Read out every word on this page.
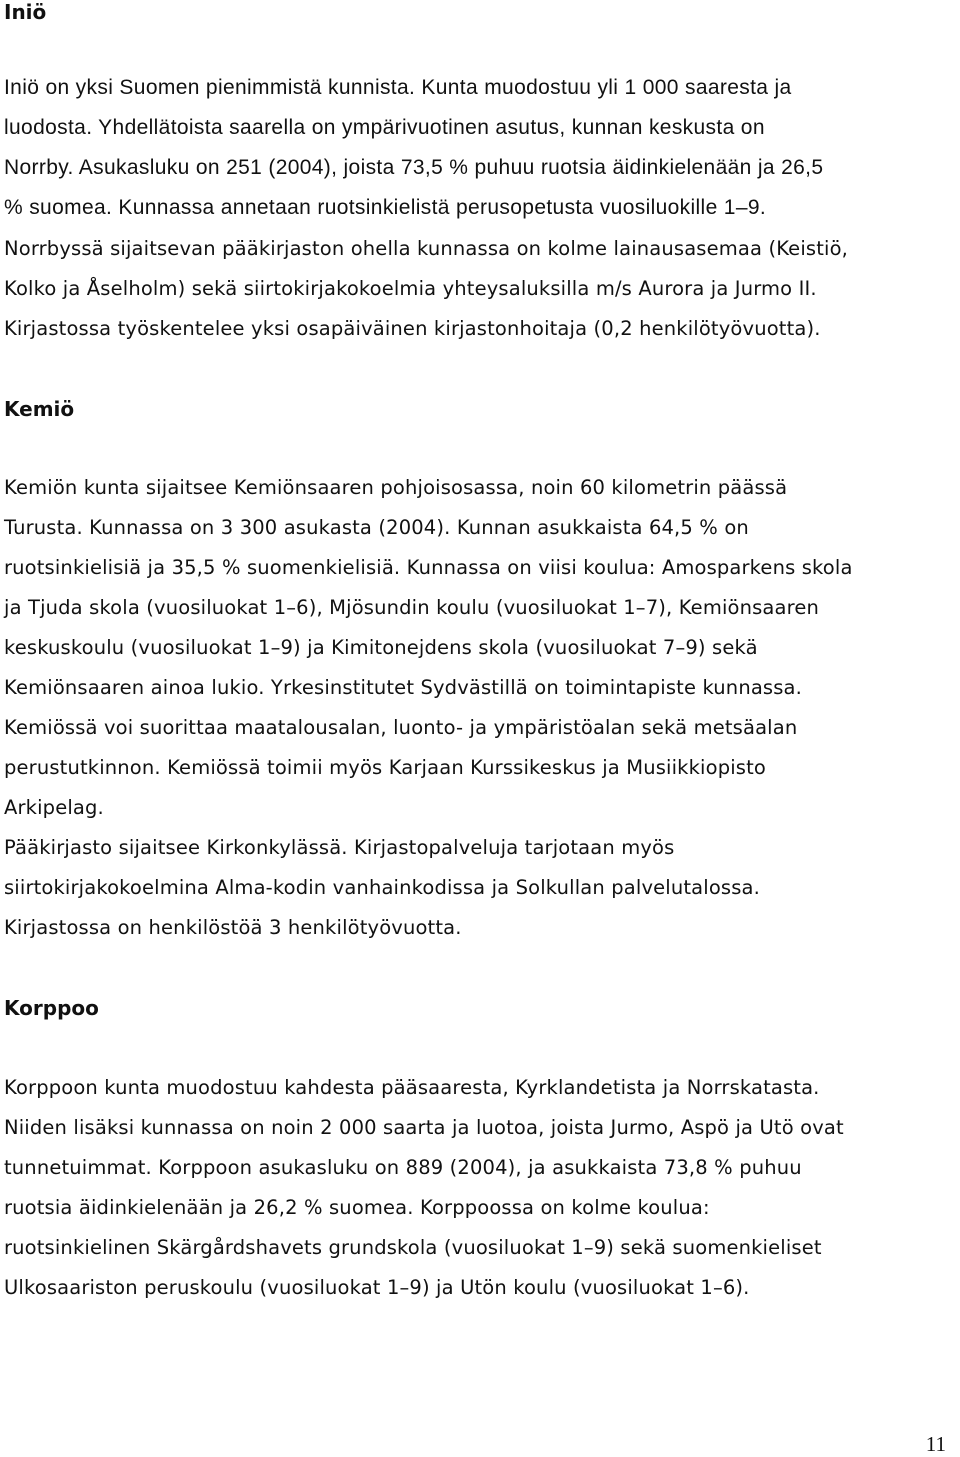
Iniö
Iniö on yksi Suomen pienimmistä kunnista. Kunta muodostuu yli 1 000 saaresta ja
luodosta. Yhdellätoista saarella on ympärivuotinen asutus, kunnan keskusta on
Norrby. Asukasluku on 251 (2004), joista 73,5 % puhuu ruotsia äidinkielenään ja 26,5
% suomea. Kunnassa annetaan ruotsinkielistä perusopetusta vuosiluokille 1–9.
Norrbyssä sijaitsevan pääkirjaston ohella kunnassa on kolme lainausasemaa (Keistiö,
Kolko ja Åselholm) sekä siirtokirjakokoelmia yhteysaluksilla m/s Aurora ja Jurmo II.
Kirjastossa työskentelee yksi osapäiväinen kirjastonhoitaja (0,2 henkilötyövuotta).
Kemiö
Kemiön kunta sijaitsee Kemiönsaaren pohjoisosassa, noin 60 kilometrin päässä
Turusta. Kunnassa on 3 300 asukasta (2004). Kunnan asukkaista 64,5 % on
ruotsinkielisiä ja 35,5 % suomenkielisiä. Kunnassa on viisi koulua: Amosparkens skola
ja Tjuda skola (vuosiluokat 1–6), Mjösundin koulu (vuosiluokat 1–7), Kemiönsaaren
keskuskoulu (vuosiluokat 1–9) ja Kimitonejdens skola (vuosiluokat 7–9) sekä
Kemiönsaaren ainoa lukio. Yrkesinstitutet Sydvästillä on toimintapiste kunnassa.
Kemiössä voi suorittaa maatalousalan, luonto- ja ympäristöalan sekä metsäalan
perustutkinnon. Kemiössä toimii myös Karjaan Kurssikeskus ja Musiikkiopisto
Arkipelag.
Pääkirjasto sijaitsee Kirkonkylässä. Kirjastopalveluja tarjotaan myös
siirtokirjakokoelmina Alma-kodin vanhainkodissa ja Solkullan palvelutalossa.
Kirjastossa on henkilöstöä 3 henkilötyövuotta.
Korppoo
Korppoon kunta muodostuu kahdesta pääsaaresta, Kyrklandetista ja Norrskatasta.
Niiden lisäksi kunnassa on noin 2 000 saarta ja luotoa, joista Jurmo, Aspö ja Utö ovat
tunnetuimmat. Korppoon asukasluku on 889 (2004), ja asukkaista 73,8 % puhuu
ruotsia äidinkielenään ja 26,2 % suomea. Korppoossa on kolme koulua:
ruotsinkielinen Skärgårdshavets grundskola (vuosiluokat 1–9) sekä suomenkieliset
Ulkosaariston peruskoulu (vuosiluokat 1–9) ja Utön koulu (vuosiluokat 1–6).
11
